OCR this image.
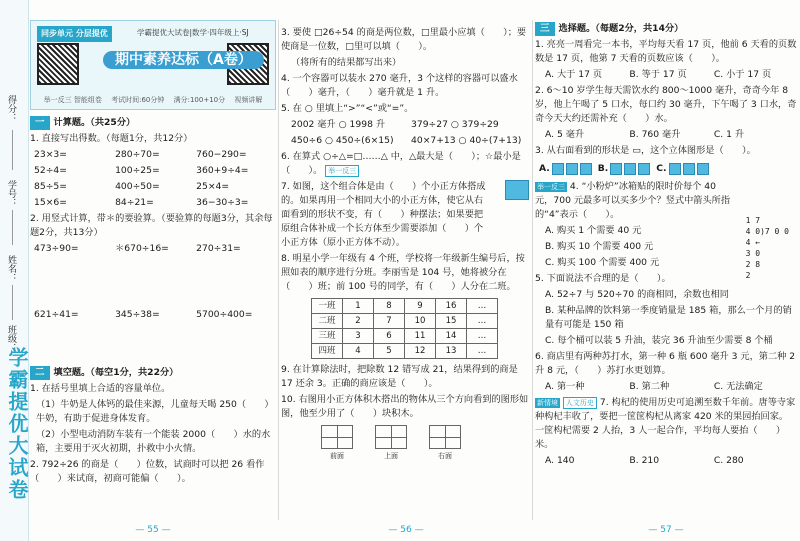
得分：
学号：
姓名：
班级：
学霸提优大试卷
同步单元 分层提优	学霸提优大试卷|数学·四年级上·SJ
期中素养达标（A卷）
举一反三 智能组卷　 考试时间:60分钟　 满分:100+10分　 视频讲解
一 计算题。（共25分）
1. 直接写出得数。（每题1分，共12分）
23×3=	280÷70=	760−290=
52÷4=	100÷25=	360+9÷4=
85÷5=	400÷50=	25×4=
15×6=	84÷21=	36−30÷3=
2. 用竖式计算，带＊的要验算。（要验算的每题3分，其余每题2分，共13分）
473÷90=	＊670÷16=	270÷31=
621÷41=	345÷38=	5700÷400=
二 填空题。（每空1分，共22分）
1. 在括号里填上合适的容量单位。
（1）牛奶是人体钙的最佳来源，儿童每天喝 250（　　）牛奶，有助于促进身体发育。
（2）小型电动消防车装有一个能装 2000（　　）水的水箱，主要用于灭火初期，扑救中小火情。
2. 792÷26 的商是（　　）位数，试商时可以把 26 看作（　　）来试商，初商可能偏（　　）。
— 55 —
3. 要使 □26÷54 的商是两位数，□里最小应填（　　）；要使商是一位数，□里可以填（　　）。
（将所有的结果都写出来）
4. 一个容器可以装水 270 毫升，3 个这样的容器可以盛水（　　）毫升，（　　）毫升就是 1 升。
5. 在 ○ 里填上“>”“<”或“=”。
2002 毫升 ○ 1998 升	379÷27 ○ 379÷29
450÷6 ○ 450÷(6×15)	40×7+13 ○ 40÷(7+13)
6. 在算式 ○÷△=□……△ 中，△最大是（　　）；☆最小是（　　）。 举一反三
7. 如图，这个组合体是由（　　）个小正方体搭成的。如果再用一个相同大小的小正方体，使它从右面看到的形状不变，有（　　）种摆法；如果要把原组合体补成一个长方体至少需要添加（　　）个小正方体（原小正方体不动）。
8. 明星小学一年级有 4 个班，学校将一年级新生编号后，按照如表的顺序进行分班。李丽雪是 104 号，她将被分在（　　）班；前 100 号的同学，有（　　）人分在二班。
一班	1	8	9	16	…
二班	2	7	10	15	…
三班	3	6	11	14	…
四班	4	5	12	13	…
9. 在计算除法时，把除数 12 错写成 21，结果得到的商是 17 还余 3。正确的商应该是（　　）。
10. 右图用小正方体积木搭出的物体从三个方向看到的图形如图，他至少用了（　　）块积木。
前面	上面	右面
— 56 —
三 选择题。（每题2分，共14分）
1. 亮亮一周看完一本书，平均每天看 17 页，他前 6 天看的页数数是 17 页，他第 7 天看的页数应该（　　）。
A. 大于 17 页	B. 等于 17 页	C. 小于 17 页
2. 6～10 岁学生每天需饮水约 800～1000 毫升，奇奇今年 8 岁，他上午喝了 5 口水，每口约 30 毫升，下午喝了 3 口水，奇奇今天大约还需补充（　　）水。
A. 5 毫升	B. 760 毫升	C. 1 升
3. 从右面看到的形状是 ▭，这个立体图形是（　　）。
A.	B.	C.
举一反三 4. “小粉炉”冰箱贴的限时价每个 40 元，700 元最多可以买多少个？竖式中箭头所指的“4”表示（　　）。
1 7
4 0)7 0 0
4 ←
3 0
2 8
2
A. 购买 1 个需要 40 元
B. 购买 10 个需要 400 元
C. 购买 100 个需要 400 元
5. 下面说法不合理的是（　　）。
A. 52÷7 与 520÷70 的商相同，余数也相同
B. 某种品牌的饮料第一季度销量是 185 箱，那么一个月的销量有可能是 150 箱
C. 每个桶可以装 5 升油，装完 36 升油至少需要 8 个桶
6. 商店里有两种苏打水，第一种 6 瓶 600 毫升 3 元，第二种 2 升 8 元，（　　）苏打水更划算。
A. 第一种	B. 第二种	C. 无法确定
新情境 人文历史 7. 构杞的使用历史可追溯至数千年前。唐等寺家种构杞丰收了，要把一筐筐构杞从离家 420 米的果园抬回家。一筐构杞需要 2 人抬，3 人一起合作，平均每人要抬（　　）米。
A. 140	B. 210	C. 280
— 57 —
